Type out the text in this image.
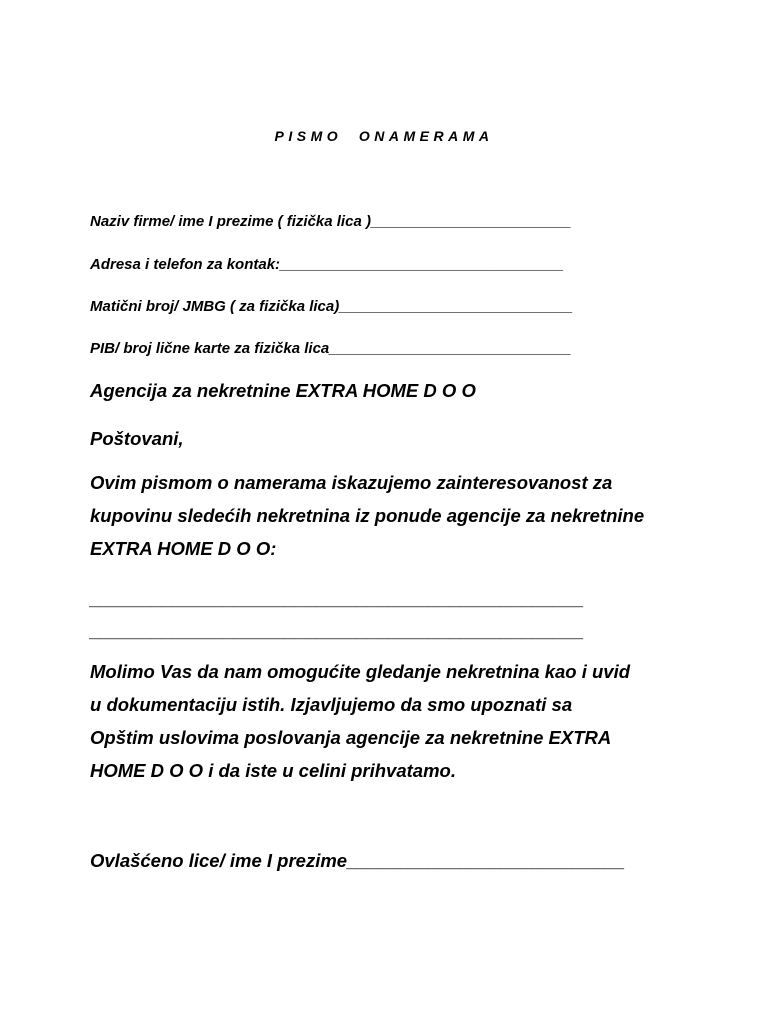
PISMO  ONAMERAMA
Naziv firme/ ime I prezime ( fizička lica )________________________
Adresa i telefon za kontak:__________________________________
Matični broj/ JMBG ( za fizička lica)____________________________
PIB/ broj lične karte za fizička lica_____________________________
Agencija za nekretnine EXTRA HOME D O O
Poštovani,
Ovim pismom o namerama iskazujemo zainteresovanost za
kupovinu sledećih nekretnina iz ponude agencije za nekretnine
EXTRA HOME D O O:
________________________________________________
________________________________________________
Molimo Vas da nam omogućite gledanje nekretnina kao i uvid
u dokumentaciju istih. Izjavljujemo da smo upoznati sa
Opštim uslovima poslovanja agencije za nekretnine EXTRA
HOME D O O i da iste u celini prihvatamo.
Ovlašćeno lice/ ime I prezime___________________________
